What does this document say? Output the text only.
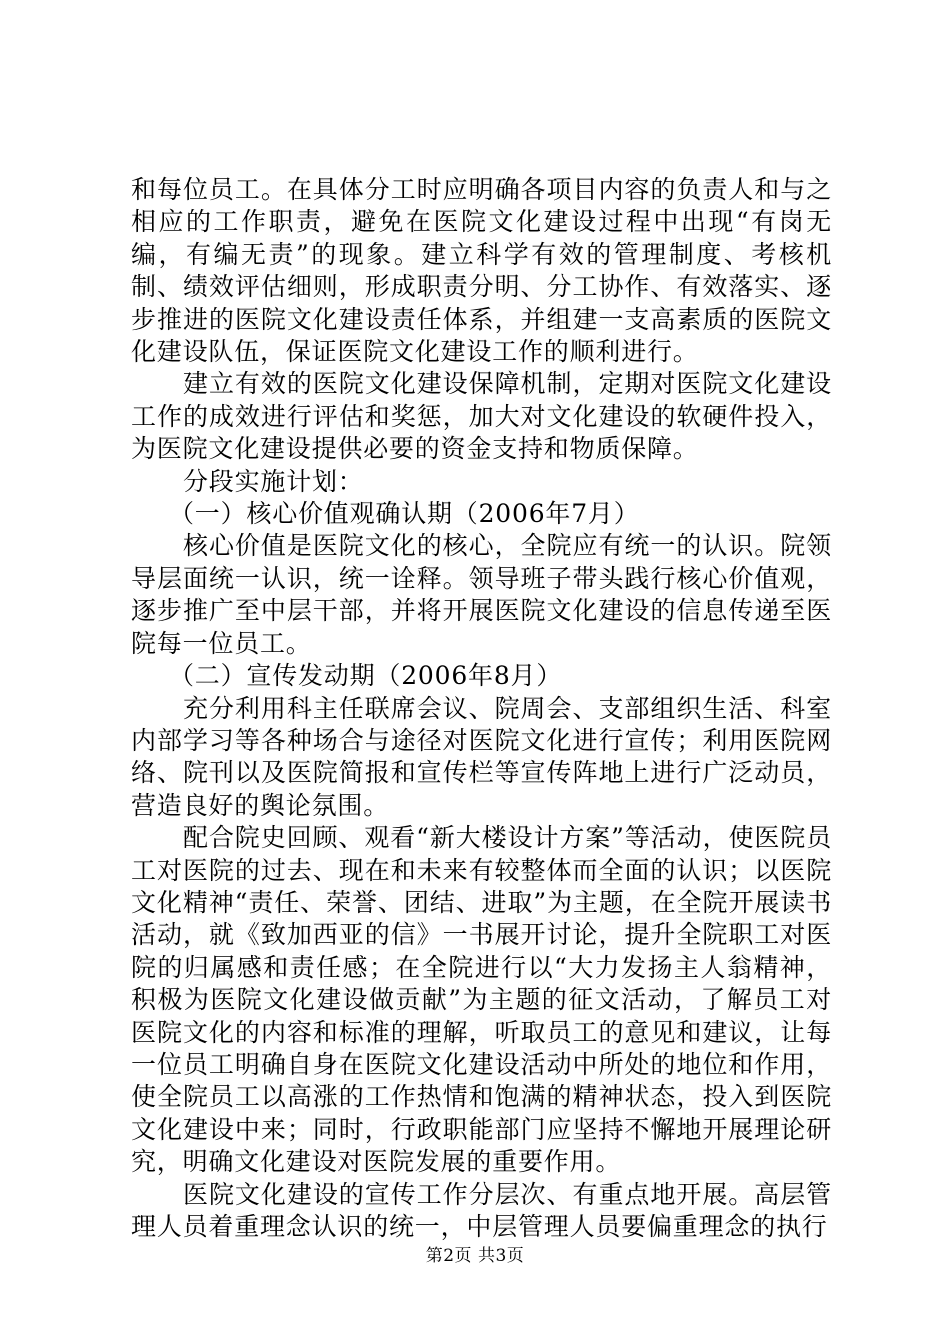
和每位员工。在具体分工时应明确各项目内容的负责人和与之相应的工作职责，避免在医院文化建设过程中出现“有岗无编，有编无责”的现象。建立科学有效的管理制度、考核机制、绩效评估细则，形成职责分明、分工协作、有效落实、逐步推进的医院文化建设责任体系，并组建一支高素质的医院文化建设队伍，保证医院文化建设工作的顺利进行。

建立有效的医院文化建设保障机制，定期对医院文化建设工作的成效进行评估和奖惩，加大对文化建设的软硬件投入，为医院文化建设提供必要的资金支持和物质保障。

分段实施计划：

（一）核心价值观确认期（2006年7月）

核心价值是医院文化的核心，全院应有统一的认识。院领导层面统一认识，统一诠释。领导班子带头践行核心价值观，逐步推广至中层干部，并将开展医院文化建设的信息传递至医院每一位员工。

（二）宣传发动期（2006年8月）

充分利用科主任联席会议、院周会、支部组织生活、科室内部学习等各种场合与途径对医院文化进行宣传；利用医院网络、院刊以及医院简报和宣传栏等宣传阵地上进行广泛动员，营造良好的舆论氛围。

配合院史回顾、观看“新大楼设计方案”等活动，使医院员工对医院的过去、现在和未来有较整体而全面的认识；以医院文化精神“责任、荣誉、团结、进取”为主题，在全院开展读书活动，就《致加西亚的信》一书展开讨论，提升全院职工对医院的归属感和责任感；在全院进行以“大力发扬主人翁精神，积极为医院文化建设做贡献”为主题的征文活动，了解员工对医院文化的内容和标准的理解，听取员工的意见和建议，让每一位员工明确自身在医院文化建设活动中所处的地位和作用，使全院员工以高涨的工作热情和饱满的精神状态，投入到医院文化建设中来；同时，行政职能部门应坚持不懈地开展理论研究，明确文化建设对医院发展的重要作用。

医院文化建设的宣传工作分层次、有重点地开展。高层管理人员着重理念认识的统一，中层管理人员要偏重理念的执行

第2页 共3页
